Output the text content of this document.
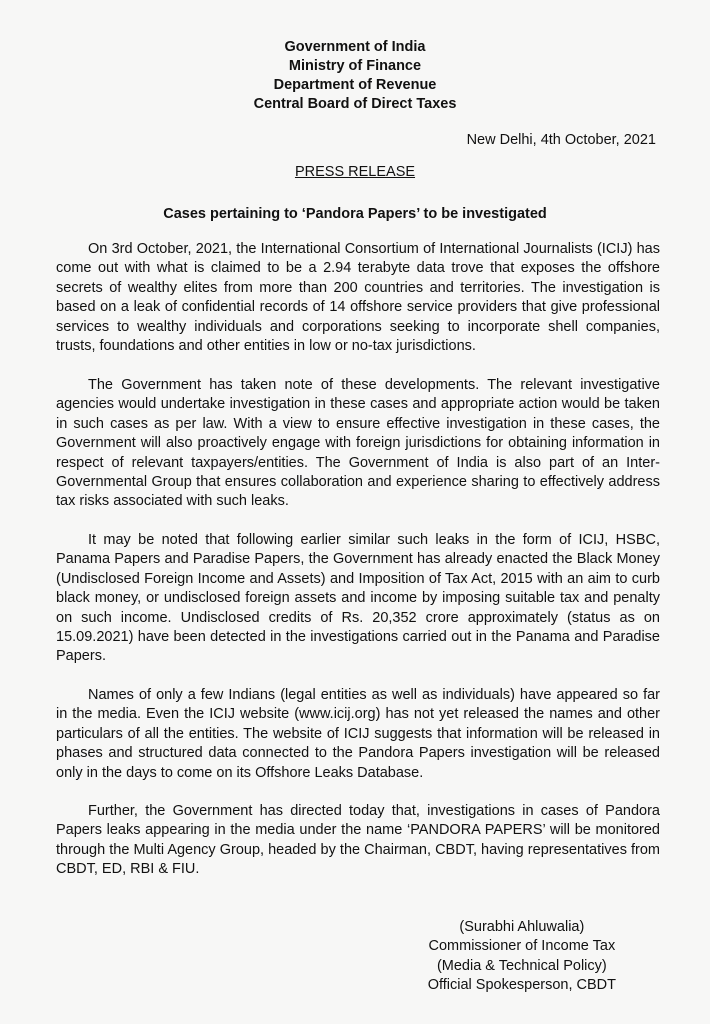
Government of India
Ministry of Finance
Department of Revenue
Central Board of Direct Taxes
New Delhi, 4th October, 2021
PRESS RELEASE
Cases pertaining to ‘Pandora Papers’ to be investigated

On 3rd October, 2021, the International Consortium of International Journalists (ICIJ) has come out with what is claimed to be a 2.94 terabyte data trove that exposes the offshore secrets of wealthy elites from more than 200 countries and territories. The investigation is based on a leak of confidential records of 14 offshore service providers that give professional services to wealthy individuals and corporations seeking to incorporate shell companies, trusts, foundations and other entities in low or no-tax jurisdictions.

The Government has taken note of these developments. The relevant investigative agencies would undertake investigation in these cases and appropriate action would be taken in such cases as per law. With a view to ensure effective investigation in these cases, the Government will also proactively engage with foreign jurisdictions for obtaining information in respect of relevant taxpayers/entities. The Government of India is also part of an Inter-Governmental Group that ensures collaboration and experience sharing to effectively address tax risks associated with such leaks.

It may be noted that following earlier similar such leaks in the form of ICIJ, HSBC, Panama Papers and Paradise Papers, the Government has already enacted the Black Money (Undisclosed Foreign Income and Assets) and Imposition of Tax Act, 2015 with an aim to curb black money, or undisclosed foreign assets and income by imposing suitable tax and penalty on such income. Undisclosed credits of Rs. 20,352 crore approximately (status as on 15.09.2021) have been detected in the investigations carried out in the Panama and Paradise Papers.

Names of only a few Indians (legal entities as well as individuals) have appeared so far in the media. Even the ICIJ website (www.icij.org) has not yet released the names and other particulars of all the entities. The website of ICIJ suggests that information will be released in phases and structured data connected to the Pandora Papers investigation will be released only in the days to come on its Offshore Leaks Database.

Further, the Government has directed today that, investigations in cases of Pandora Papers leaks appearing in the media under the name ‘PANDORA PAPERS’ will be monitored through the Multi Agency Group, headed by the Chairman, CBDT, having representatives from CBDT, ED, RBI & FIU.

(Surabhi Ahluwalia)
Commissioner of Income Tax
(Media & Technical Policy)
Official Spokesperson, CBDT
